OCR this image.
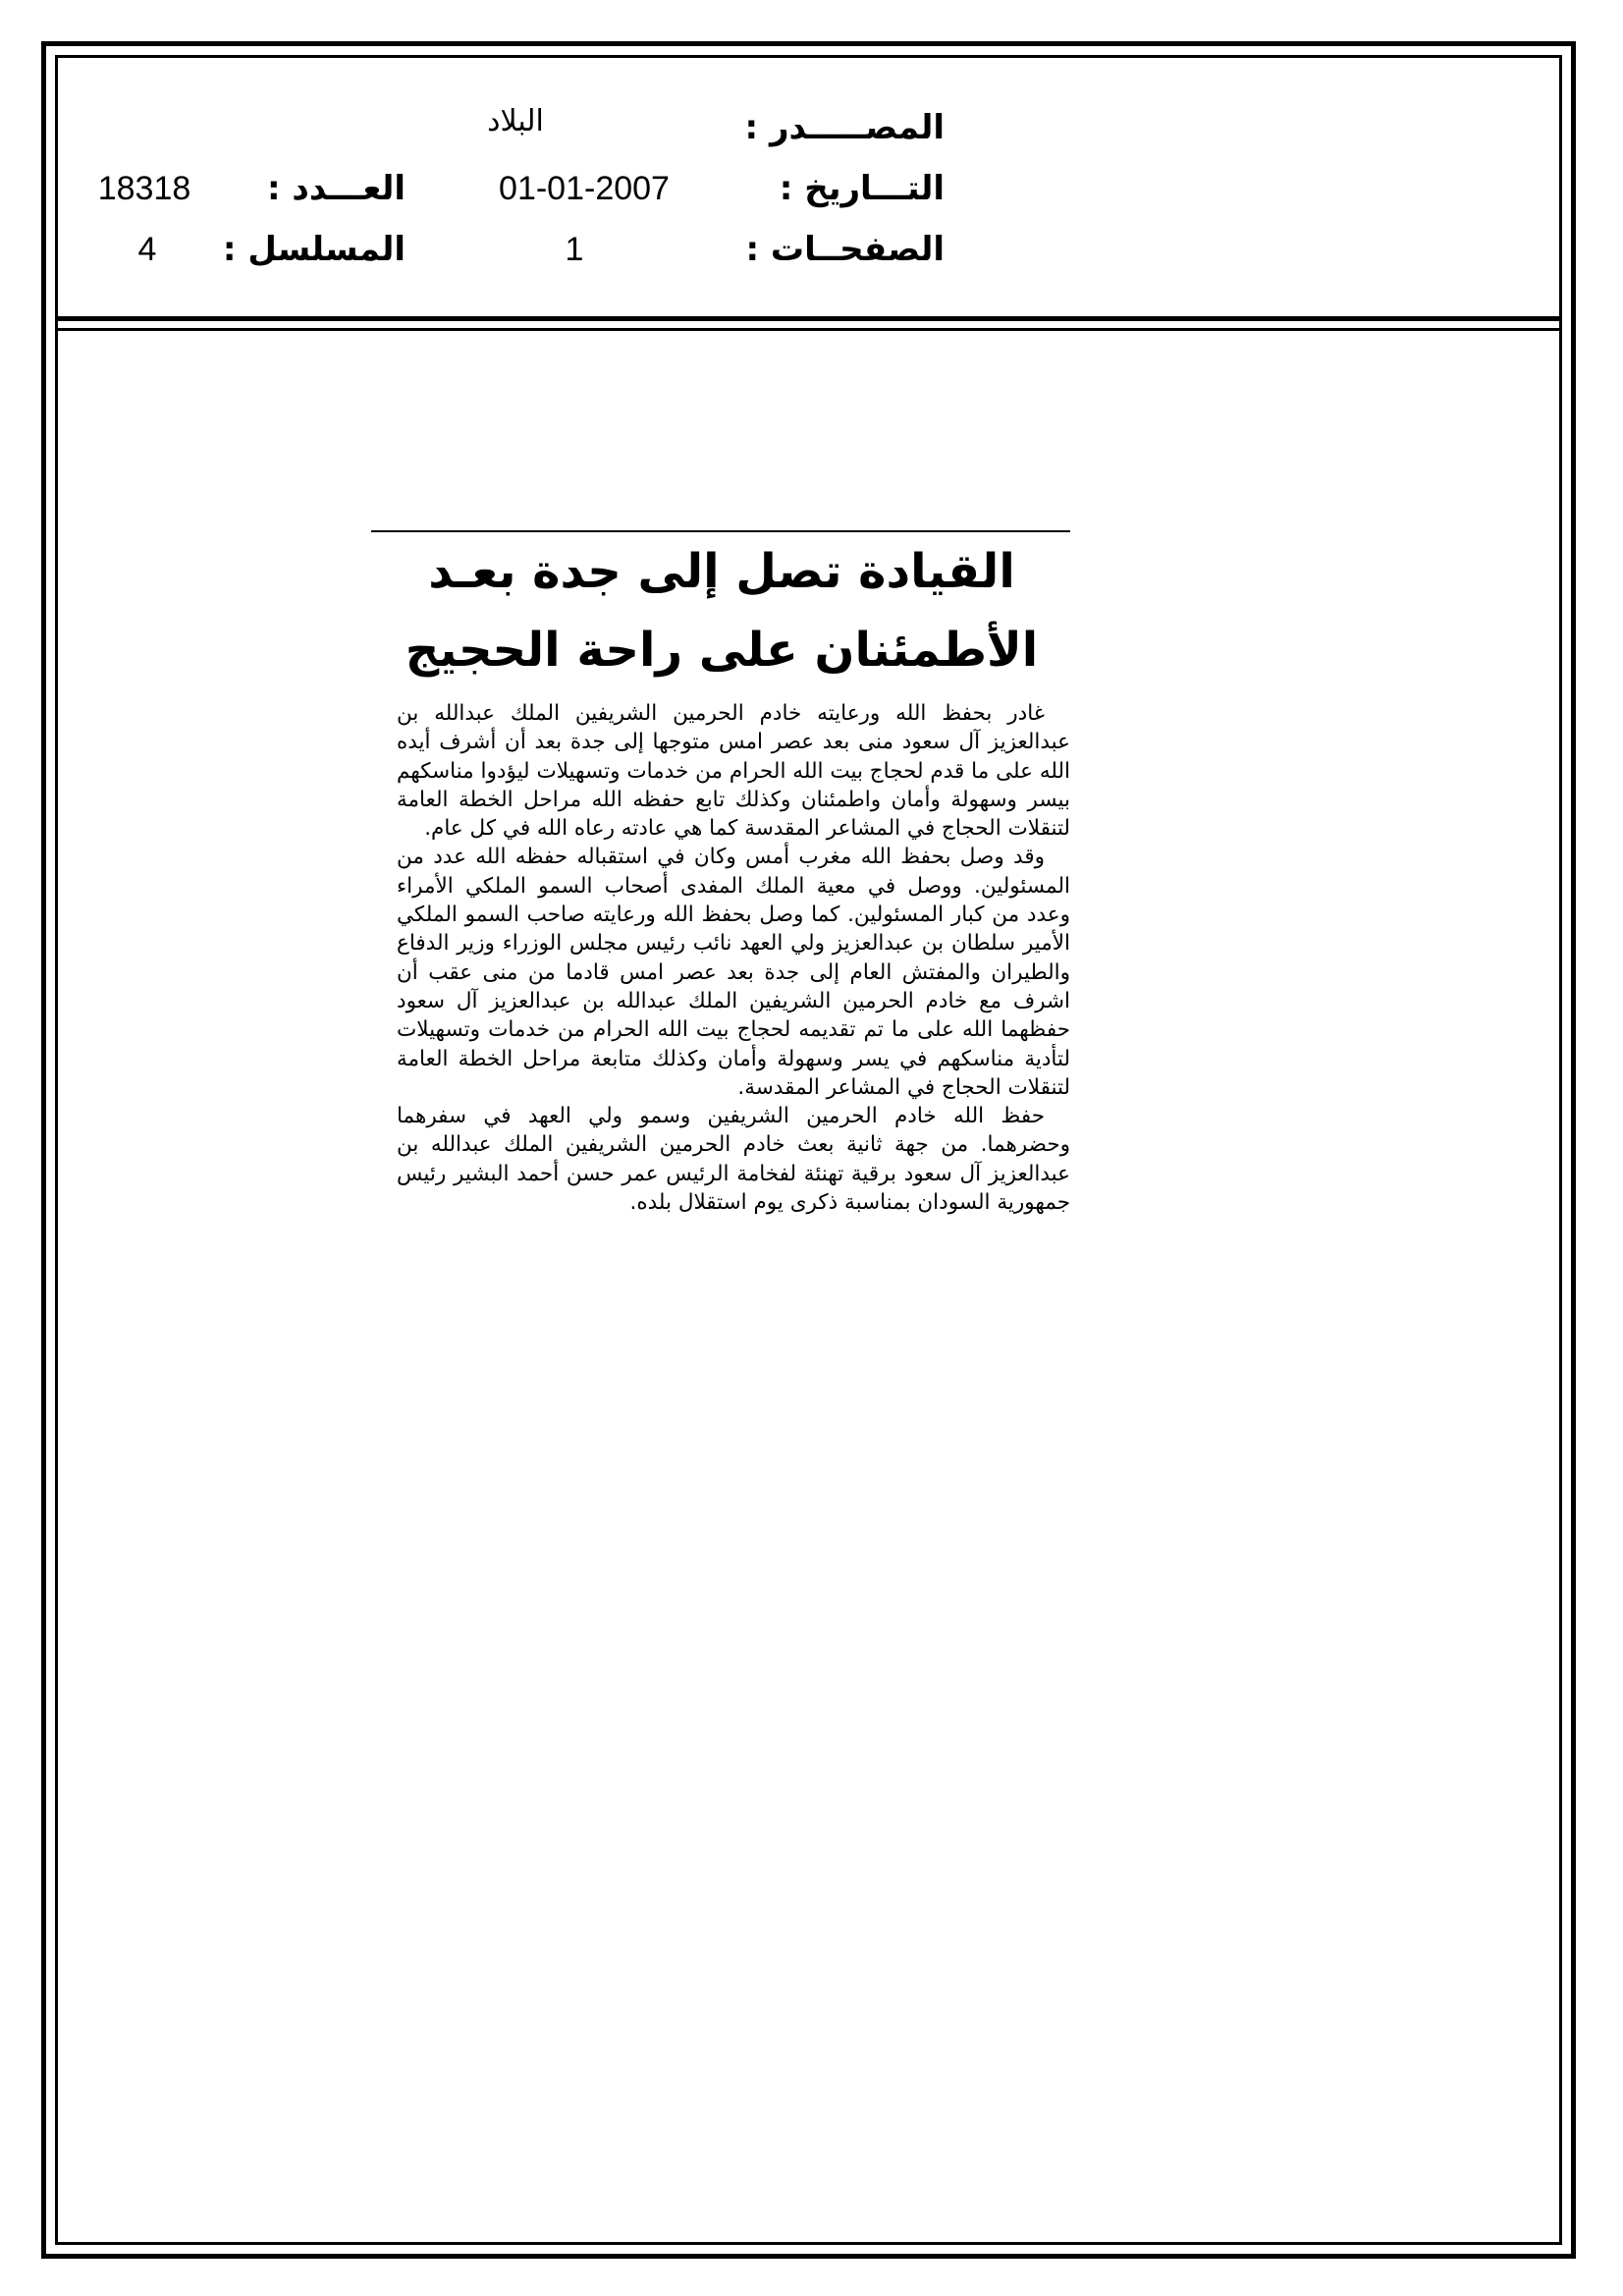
المصـــــدر :
البلاد
التـــاريخ :
01-01-2007
الصفحــات :
1
العـــدد :
18318
المسلسل :
4
القيادة تصل إلى جدة بعـد
الأطمئنان على راحة الحجيج

غادر بحفظ الله ورعايته خادم الحرمين الشريفين الملك عبدالله بن عبدالعزيز آل سعود منى بعد عصر امس متوجها إلى جدة بعد أن أشرف أيده الله على ما قدم لحجاج بيت الله الحرام من خدمات وتسهيلات ليؤدوا مناسكهم بيسر وسهولة وأمان واطمئنان وكذلك تابع حفظه الله مراحل الخطة العامة لتنقلات الحجاج في المشاعر المقدسة كما هي عادته رعاه الله في كل عام.

وقد وصل بحفظ الله مغرب أمس وكان في استقباله حفظه الله عدد من المسئولين. ووصل في معية الملك المفدى أصحاب السمو الملكي الأمراء وعدد من كبار المسئولين. كما وصل بحفظ الله ورعايته صاحب السمو الملكي الأمير سلطان بن عبدالعزيز ولي العهد نائب رئيس مجلس الوزراء وزير الدفاع والطيران والمفتش العام إلى جدة بعد عصر امس قادما من منى عقب أن اشرف مع خادم الحرمين الشريفين الملك عبدالله بن عبدالعزيز آل سعود حفظهما الله على ما تم تقديمه لحجاج بيت الله الحرام من خدمات وتسهيلات لتأدية مناسكهم في يسر وسهولة وأمان وكذلك متابعة مراحل الخطة العامة لتنقلات الحجاج في المشاعر المقدسة.

حفظ الله خادم الحرمين الشريفين وسمو ولي العهد في سفرهما وحضرهما. من جهة ثانية بعث خادم الحرمين الشريفين الملك عبدالله بن عبدالعزيز آل سعود برقية تهنئة لفخامة الرئيس عمر حسن أحمد البشير رئيس جمهورية السودان بمناسبة ذكرى يوم استقلال بلده.
